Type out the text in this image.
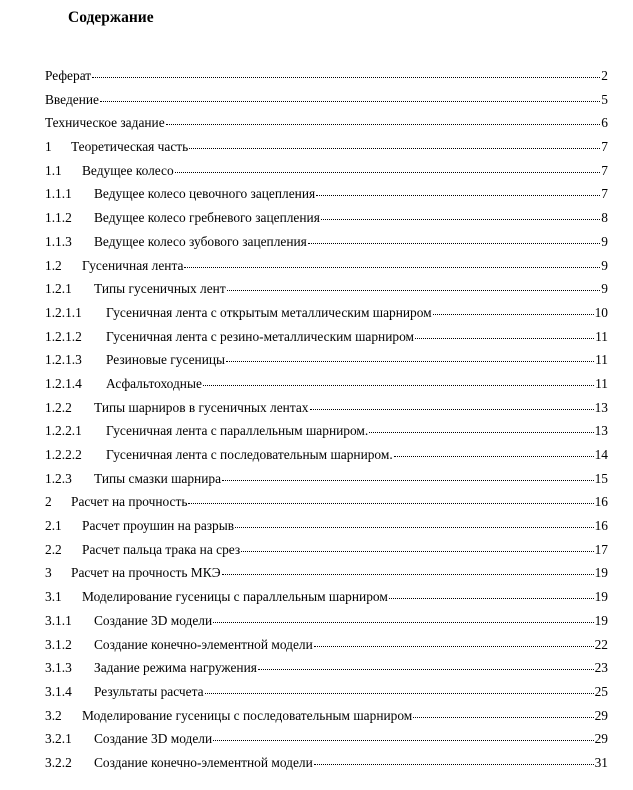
Содержание
Реферат	2
Введение	5
Техническое задание	6
1	Теоретическая часть	7
1.1	Ведущее колесо	7
1.1.1	Ведущее колесо цевочного зацепления	7
1.1.2	Ведущее колесо гребневого зацепления	8
1.1.3	Ведущее колесо зубового зацепления	9
1.2	Гусеничная лента	9
1.2.1	Типы гусеничных лент	9
1.2.1.1	Гусеничная лента с открытым металлическим шарниром	10
1.2.1.2	Гусеничная лента с резино-металлическим шарниром	11
1.2.1.3	Резиновые гусеницы	11
1.2.1.4	Асфальтоходные	11
1.2.2	Типы шарниров в гусеничных лентах	13
1.2.2.1	Гусеничная лента с параллельным шарниром.	13
1.2.2.2	Гусеничная лента с последовательным шарниром.	14
1.2.3	Типы смазки шарнира	15
2	Расчет на прочность	16
2.1	Расчет проушин на разрыв	16
2.2	Расчет пальца трака на срез	17
3	Расчет на прочность МКЭ	19
3.1	Моделирование гусеницы с параллельным шарниром	19
3.1.1	Создание 3D модели	19
3.1.2	Создание конечно-элементной модели	22
3.1.3	Задание режима нагружения	23
3.1.4	Результаты расчета	25
3.2	Моделирование гусеницы с последовательным шарниром	29
3.2.1	Создание 3D модели	29
3.2.2	Создание конечно-элементной модели	31
